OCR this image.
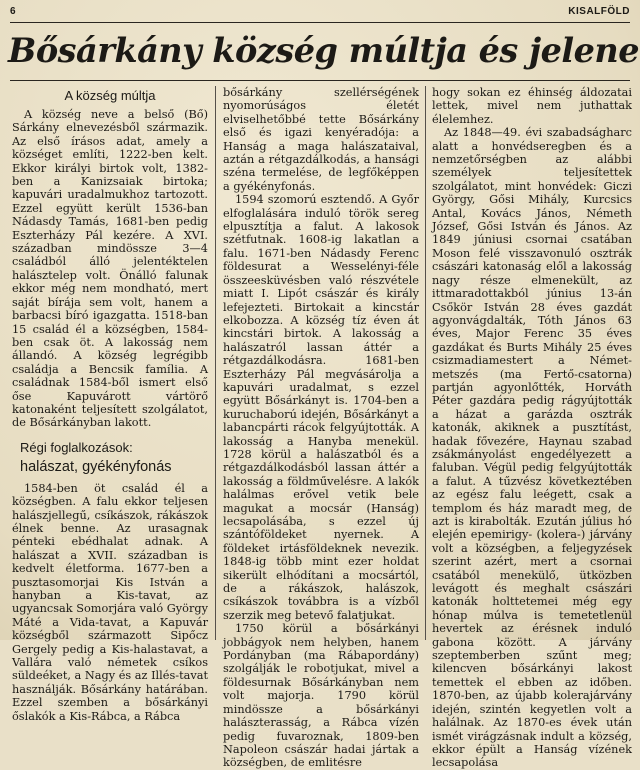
6	KISALFÖLD
Bősárkány község múltja és jelene
A község múltja

A község neve a belső (Bő) Sárkány elnevezésből származik. Az első írásos adat, amely a községet említi, 1222-ben kelt. Ekkor királyi birtok volt, 1382-ben a Kanizsaiak birtoka; kapuvári uradalmukhoz tartozott. Ezzel együtt került 1536-ban Nádasdy Tamás, 1681-ben pedig Eszterházy Pál kezére. A XVI. században mindössze 3—4 családból álló jelentéktelen halásztelep volt. Önálló falunak ekkor még nem mondható, mert saját bírája sem volt, hanem a barbacsi bíró igazgatta. 1518-ban 15 család él a községben, 1584-ben csak öt. A lakosság nem állandó. A község legrégibb családja a Bencsik família. A családnak 1584-ből ismert első őse Kapuvárott vártörő katonaként teljesített szolgálatot, de Bősárkányban lakott.

Régi foglalkozások:
halászat, gyékényfonás

1584-ben öt család él a községben. A falu ekkor teljesen halászjellegű, csíkászok, rákászok élnek benne. Az urasagnak pénteki ebédhalat adnak. A halászat a XVII. században is kedvelt életforma. 1677-ben a pusztasomorjai Kis István a hanyban a Kis-tavat, az ugyancsak Somorjára való György Máté a Vida-tavat, a Kapuvár községből származott Sipőcz Gergely pedig a Kis-halastavat, a Vallára való németek csíkos süldeéket, a Nagy és az Illés-tavat használják. Bősárkány határában. Ezzel szemben a bősárkányi őslakók a Kis-Rábca, a Rábca

bősárkány szellérségének nyomorúságos életét elviselhetőbbé tette Bősárkány első és igazi kenyéradója: a Hanság a maga halászataival, aztán a rétgazdálkodás, a hansági széna termelése, de legfőképpen a gyékényfonás.

1594 szomorú esztendő. A Győr elfoglalására induló török sereg elpusztítja a falut. A lakosok szétfutnak. 1608-ig lakatlan a falu. 1671-ben Nádasdy Ferenc földesurat a Wesselényi-féle összeesküvésben való részvétele miatt I. Lipót császár és király lefejezteti. Birtokait a kincstár elkobozza. A község tíz éven át kincstári birtok. A lakosság a halászatról lassan áttér a rétgazdálkodásra. 1681-ben Eszterházy Pál megvásárolja a kapuvári uradalmat, s ezzel együtt Bősárkányt is. 1704-ben a kuruchaború idején, Bősárkányt a labancpárti rácok felgyújtották. A lakosság a Hanyba menekül. 1728 körül a halászatból és a rétgazdálkodásból lassan áttér a lakosság a földművelésre. A lakók halálmas erővel vetik bele magukat a mocsár (Hanság) lecsapolásába, s ezzel új szántóföldeket nyernek. A földeket irtásföldeknek nevezik. 1848-ig több mint ezer holdat sikerült elhódítani a mocsártól, de a rákászok, halászok, csíkászok továbbra is a vízből szerzik meg betevő falatjukat.

1750 körül a bősárkányi jobbágyok nem helyben, hanem Pordányban (ma Rábapordány) szolgálják le robotjukat, mivel a földesurnak Bősárkányban nem volt majorja. 1790 körül mindössze a bősárkányi halászterasság, a Rábca vízén pedig fuvaroznak, 1809-ben Napoleon császár hadai jártak a községben, de emlitésre

hogy sokan ez éhinség áldozatai lettek, mivel nem juthattak élelemhez.

Az 1848—49. évi szabadságharc alatt a honvédseregben és a nemzetőrségben az alábbi személyek teljesítettek szolgálatot, mint honvédek: Giczi György, Gősi Mihály, Kurcsics Antal, Kovács János, Németh József, Gősi István és János. Az 1849 júniusi csornai csatában Moson felé visszavonuló osztrák császári katonaság elől a lakosság nagy része elmenekült, az ittmaradottakból június 13-án Csőkör István 28 éves gazdát agyonvágdalták, Tóth János 63 éves, Major Ferenc 35 éves gazdákat és Burts Mihály 25 éves csizmadiamestert a Német-metszés (ma Fertő-csatorna) partján agyonlőtték, Horváth Péter gazdára pedig rágyújtották a házat a garázda osztrák katonák, akiknek a pusztítást, hadak fővezére, Haynau szabad zsákmányolást engedélyezett a faluban. Végül pedig felgyújtották a falut. A tűzvész következtében az egész falu leégett, csak a templom és ház maradt meg, de azt is kirabolták. Ezután július hó elején epemirigy- (kolera-) járvány volt a községben, a feljegyzések szerint azért, mert a csornai csatából menekülő, ütközben levágott és meghalt császári katonák holttetemei még egy hónap múlva is temetetlenül hevertek az érésnek induló gabona között. A járvány szeptemberben szűnt meg; kilencven bősárkányi lakost temettek el ebben az időben. 1870-ben, az újabb kolerajárvány idején, szintén kegyetlen volt a halálnak. Az 1870-es évek után ismét virágzásnak indult a község, ekkor épült a Hanság vízének lecsapolása
